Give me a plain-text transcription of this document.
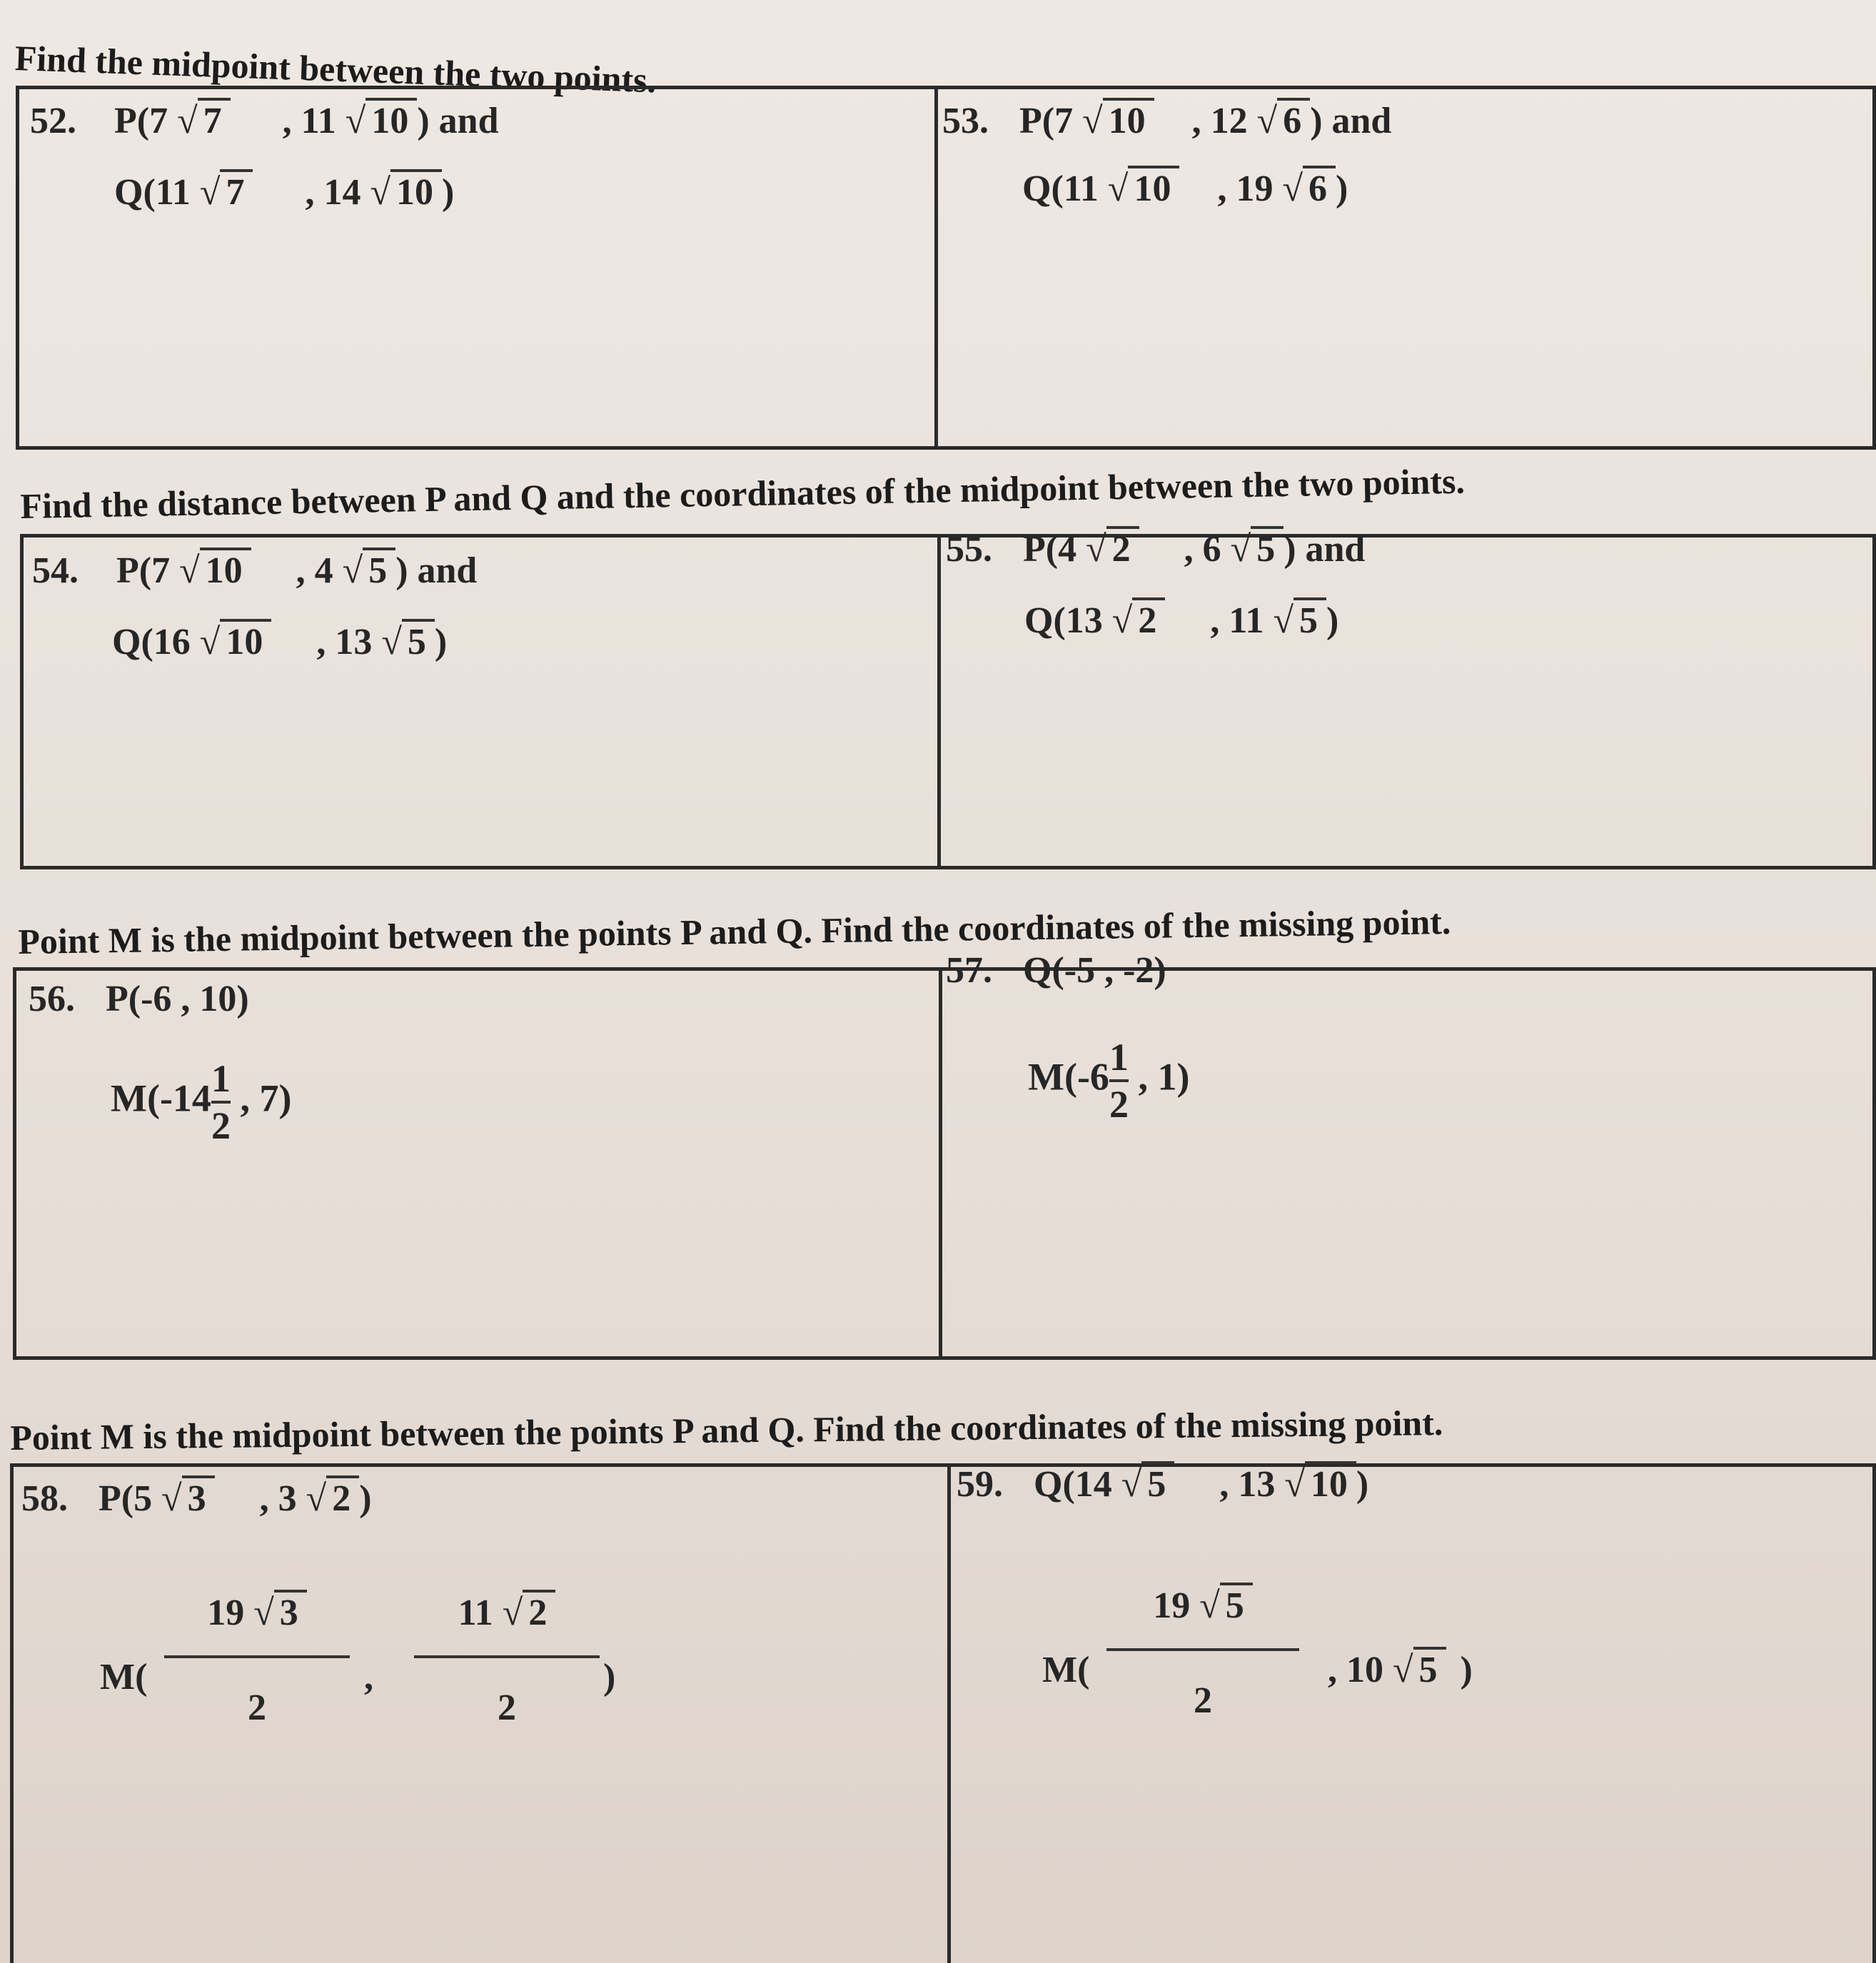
Find the midpoint between the two points.
52. P(7 √ 7 , 11 √ 10 ) and
Q(11 √ 7 , 14 √ 10 )
53. P(7 √ 10 , 12 √ 6 ) and
Q(11 √ 10 , 19 √ 6 )
Find the distance between P and Q and the coordinates of the midpoint between the two points.
54. P(7 √ 10 , 4 √ 5 ) and
Q(16 √ 10 , 13 √ 5 )
55. P(4 √ 2 , 6 √ 5 ) and
Q(13 √ 2 , 11 √ 5 )
Point M is the midpoint between the points P and Q. Find the coordinates of the missing point.
56. P(-6 , 10)
$M(-14 \frac{1}{2}$ , 7)
57. Q(-5 , -2)
$M(-6 \frac{1}{2}$ , 1)
Point M is the midpoint between the points P and Q. Find the coordinates of the missing point.
58. P(5 √ 3 , 3 √ 2 )
M(
19 √ 3
2
,
11 √ 2
2
)
59. Q(14 √ 5 , 13 √ 10 )
M(
19 √ 5
2
, 10 √ 5 )
